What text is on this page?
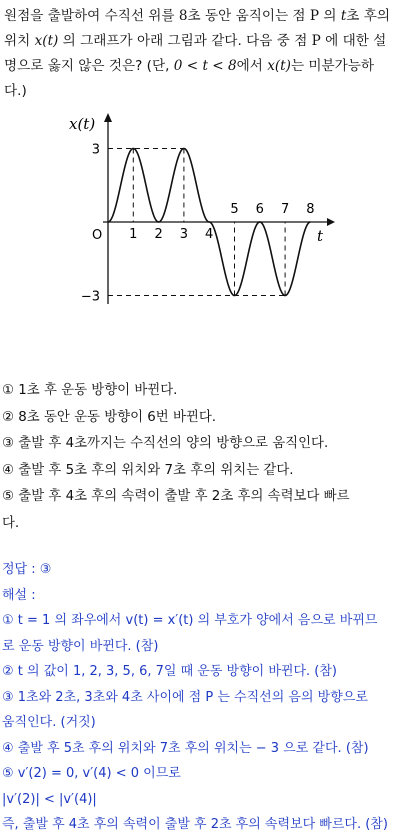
원점을 출발하여 수직선 위를 8초 동안 움직이는 점 P 의 t초 후의
위치 x(t) 의 그래프가 아래 그림과 같다. 다음 중 점 P 에 대한 설
명으로 옳지 않은 것은? (단, 0 < t < 8에서 x(t)는 미분가능하
다.)
x(t)
t
O 1 2 3 4
5 6 7 8
3
−3
① 1초 후 운동 방향이 바뀐다.
② 8초 동안 운동 방향이 6번 바뀐다.
③ 출발 후 4초까지는 수직선의 양의 방향으로 움직인다.
④ 출발 후 5초 후의 위치와 7초 후의 위치는 같다.
⑤ 출발 후 4초 후의 속력이 출발 후 2초 후의 속력보다 빠르
다.
정답 : ③
해설 :
① t = 1 의 좌우에서 v(t) = x′(t) 의 부호가 양에서 음으로 바뀌므
로 운동 방향이 바뀐다. (참)
② t 의 값이 1, 2, 3, 5, 6, 7일 때 운동 방향이 바뀐다. (참)
③ 1초와 2초, 3초와 4초 사이에 점 P 는 수직선의 음의 방향으로
움직인다. (거짓)
④ 출발 후 5초 후의 위치와 7초 후의 위치는 − 3 으로 같다. (참)
⑤ v′(2) = 0, v′(4) < 0 이므로
|v′(2)| < |v′(4)|
즉, 출발 후 4초 후의 속력이 출발 후 2초 후의 속력보다 빠르다. (참)
